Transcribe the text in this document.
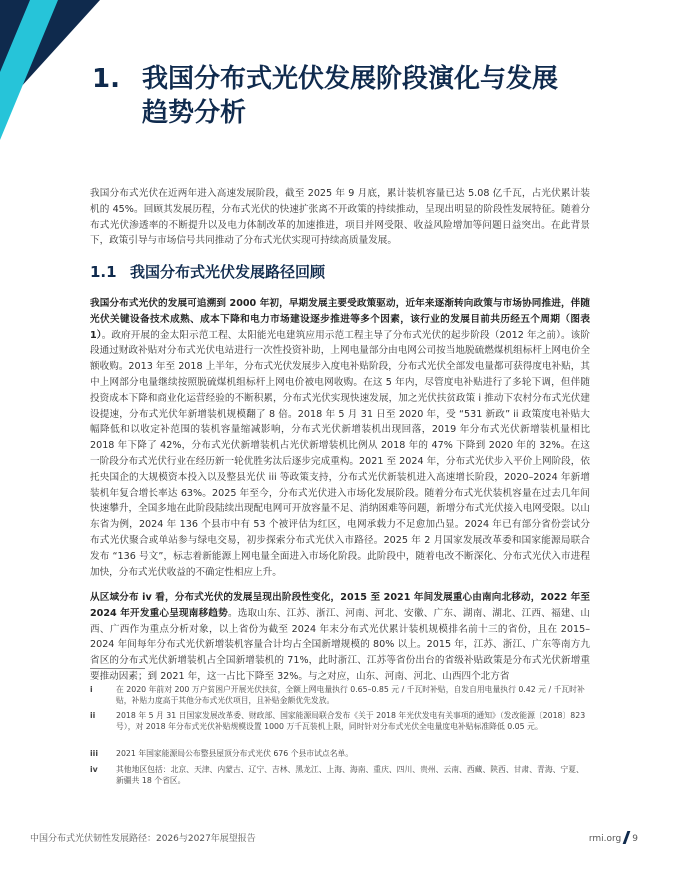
1. 我国分布式光伏发展阶段演化与发展
趋势分析

我国分布式光伏在近两年进入高速发展阶段，截至 2025 年 9 月底，累计装机容量已达 5.08 亿千瓦，占光伏累计装机的 45%。回顾其发展历程，分布式光伏的快速扩张离不开政策的持续推动，呈现出明显的阶段性发展特征。随着分布式光伏渗透率的不断提升以及电力体制改革的加速推进，项目并网受限、收益风险增加等问题日益突出。在此背景下，政策引导与市场信号共同推动了分布式光伏实现可持续高质量发展。

1.1 我国分布式光伏发展路径回顾

我国分布式光伏的发展可追溯到 2000 年初，早期发展主要受政策驱动，近年来逐渐转向政策与市场协同推进，伴随光伏关键设备技术成熟、成本下降和电力市场建设逐步推进等多个因素，该行业的发展目前共历经五个周期（图表 1）。政府开展的金太阳示范工程、太阳能光电建筑应用示范工程主导了分布式光伏的起步阶段（2012 年之前）。该阶段通过财政补贴对分布式光伏电站进行一次性投资补助，上网电量部分由电网公司按当地脱硫燃煤机组标杆上网电价全额收购。2013 年至 2018 上半年，分布式光伏发展步入度电补贴阶段，分布式光伏全部发电量都可获得度电补贴，其中上网部分电量继续按照脱硫煤机组标杆上网电价被电网收购。在这 5 年内，尽管度电补贴进行了多轮下调，但伴随投资成本下降和商业化运营经验的不断积累，分布式光伏实现快速发展，加之光伏扶贫政策 i 推动下农村分布式光伏建设提速，分布式光伏年新增装机规模翻了 8 倍。2018 年 5 月 31 日至 2020 年，受 “531 新政” ii 政策度电补贴大幅降低和以收定补范围的装机容量缩减影响，分布式光伏新增装机出现回落，2019 年分布式光伏新增装机量相比 2018 年下降了 42%，分布式光伏新增装机占光伏新增装机比例从 2018 年的 47% 下降到 2020 年的 32%。在这一阶段分布式光伏行业在经历新一轮优胜劣汰后逐步完成重构。2021 至 2024 年，分布式光伏步入平价上网阶段，依托央国企的大规模资本投入以及整县光伏 iii 等政策支持，分布式光伏新装机进入高速增长阶段，2020–2024 年新增装机年复合增长率达 63%。2025 年至今，分布式光伏进入市场化发展阶段。随着分布式光伏装机容量在过去几年间快速攀升，全国多地在此阶段陆续出现配电网可开放容量不足、消纳困难等问题，新增分布式光伏接入电网受限。以山东省为例，2024 年 136 个县市中有 53 个被评估为红区，电网承载力不足愈加凸显。2024 年已有部分省份尝试分布式光伏聚合或单站参与绿电交易，初步探索分布式光伏入市路径。2025 年 2 月国家发展改革委和国家能源局联合发布 “136 号文”，标志着新能源上网电量全面进入市场化阶段。此阶段中，随着电改不断深化、分布式光伏入市进程加快，分布式光伏收益的不确定性相应上升。

从区域分布 iv 看，分布式光伏的发展呈现出阶段性变化，2015 至 2021 年间发展重心由南向北移动，2022 年至 2024 年开发重心呈现南移趋势。选取山东、江苏、浙江、河南、河北、安徽、广东、湖南、湖北、江西、福建、山西、广西作为重点分析对象，以上省份为截至 2024 年末分布式光伏累计装机规模排名前十三的省份，且在 2015–2024 年间每年分布式光伏新增装机容量合计均占全国新增规模的 80% 以上。2015 年，江苏、浙江、广东等南方九省区的分布式光伏新增装机占全国新增装机的 71%，此时浙江、江苏等省份出台的省级补贴政策是分布式光伏新增重要推动因素；到 2021 年，这一占比下降至 32%。与之对应，山东、河南、河北、山西四个北方省

i	在 2020 年前对 200 万户贫困户开展光伏扶贫，全额上网电量执行 0.65–0.85 元 / 千瓦时补贴，自发自用电量执行 0.42 元 / 千瓦时补贴，补贴力度高于其他分布式光伏项目，且补贴金额优先发放。
ii	2018 年 5 月 31 日国家发展改革委、财政部、国家能源局联合发布《关于 2018 年光伏发电有关事项的通知》（发改能源〔2018〕823 号），对 2018 年分布式光伏补贴规模设置 1000 万千瓦装机上限，同时针对分布式光伏全电量度电补贴标准降低 0.05 元。
iii 2021 年国家能源局公布整县屋顶分布式光伏 676 个县市试点名单。
iv 其他地区包括：北京、天津、内蒙古、辽宁、吉林、黑龙江、上海、海南、重庆、四川、贵州、云南、西藏、陕西、甘肃、青海、宁夏、新疆共 18 个省区。
中国分布式光伏韧性发展路径：2026与2027年展望报告	rmi.org 9
